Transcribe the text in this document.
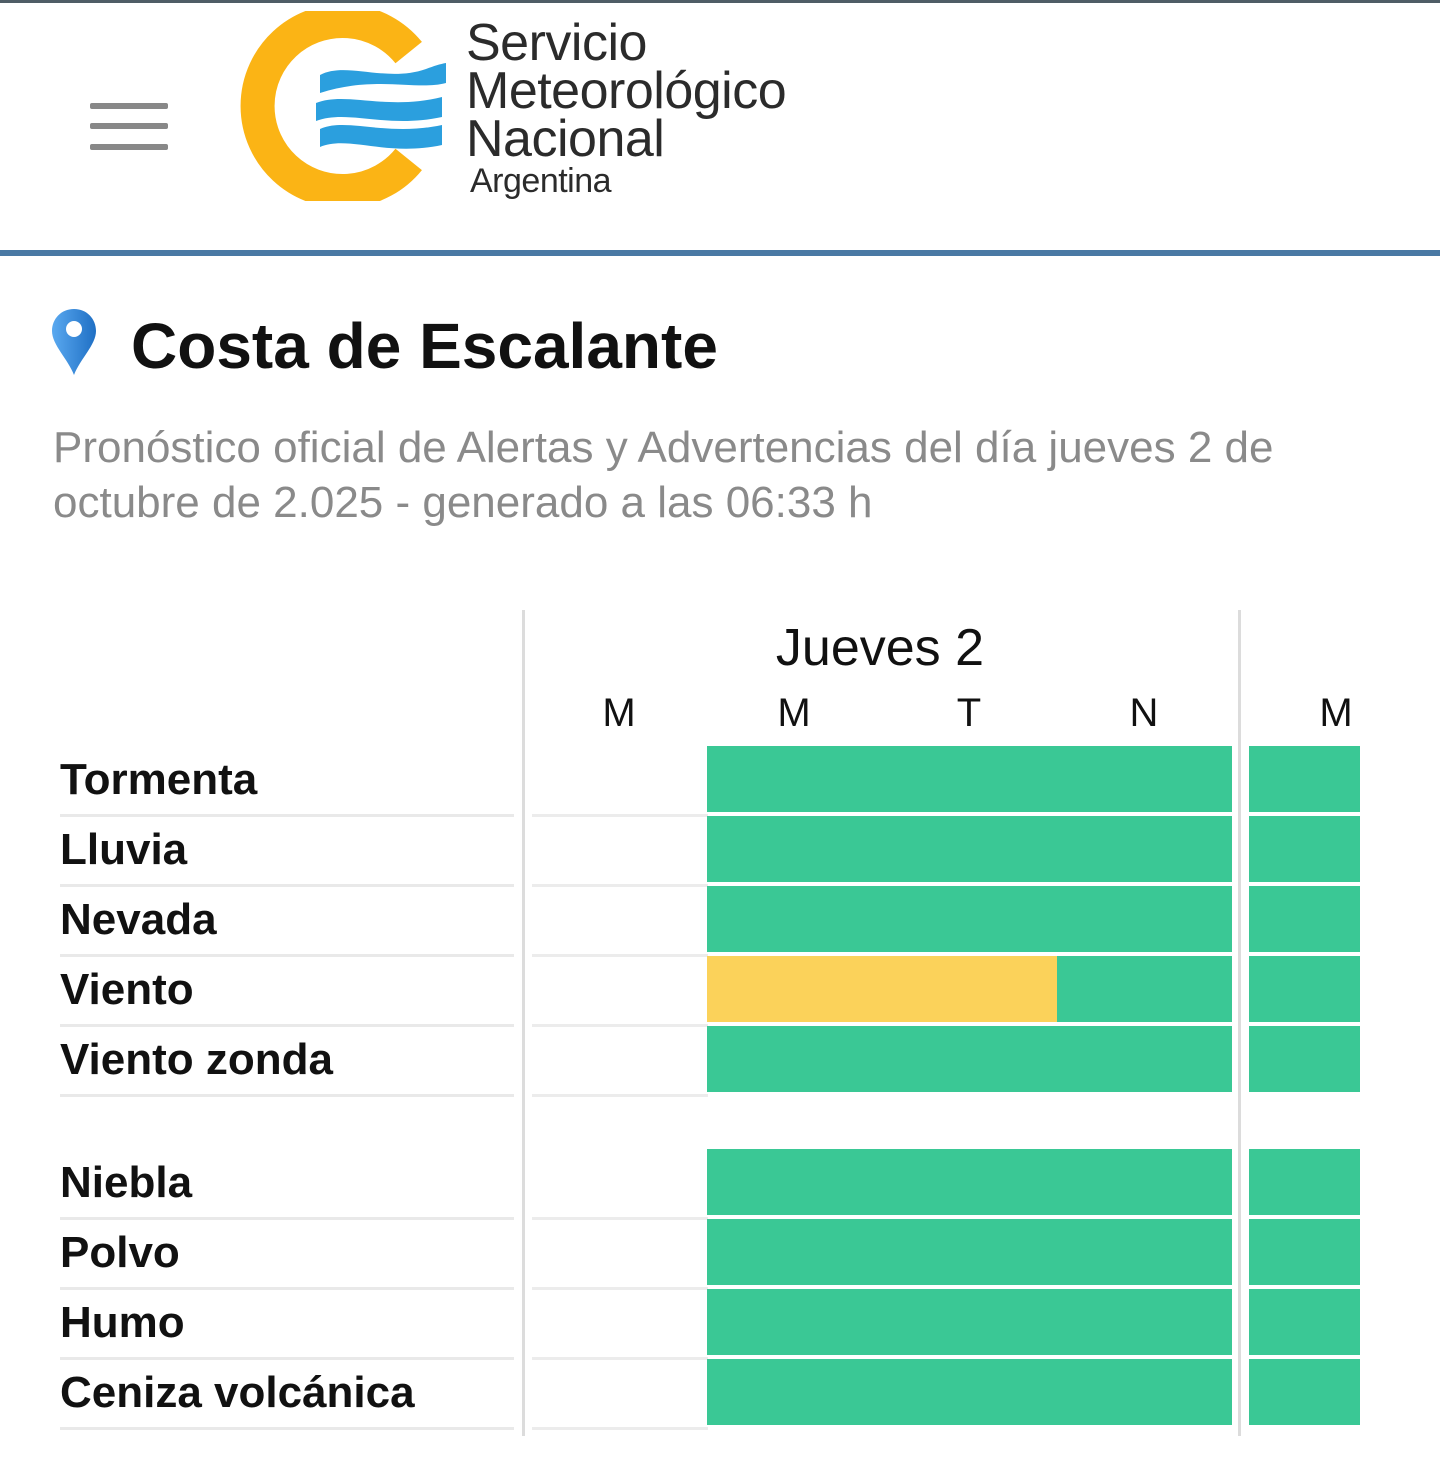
Servicio
Meteorológico
Nacional
Argentina
Costa de Escalante
Pronóstico oficial de Alertas y Advertencias del día jueves 2 de octubre de 2.025 - generado a las 06:33 h
Jueves 2
M	M	T	N	M
Tormenta
Lluvia
Nevada
Viento
Viento zonda
Niebla
Polvo
Humo
Ceniza volcánica
